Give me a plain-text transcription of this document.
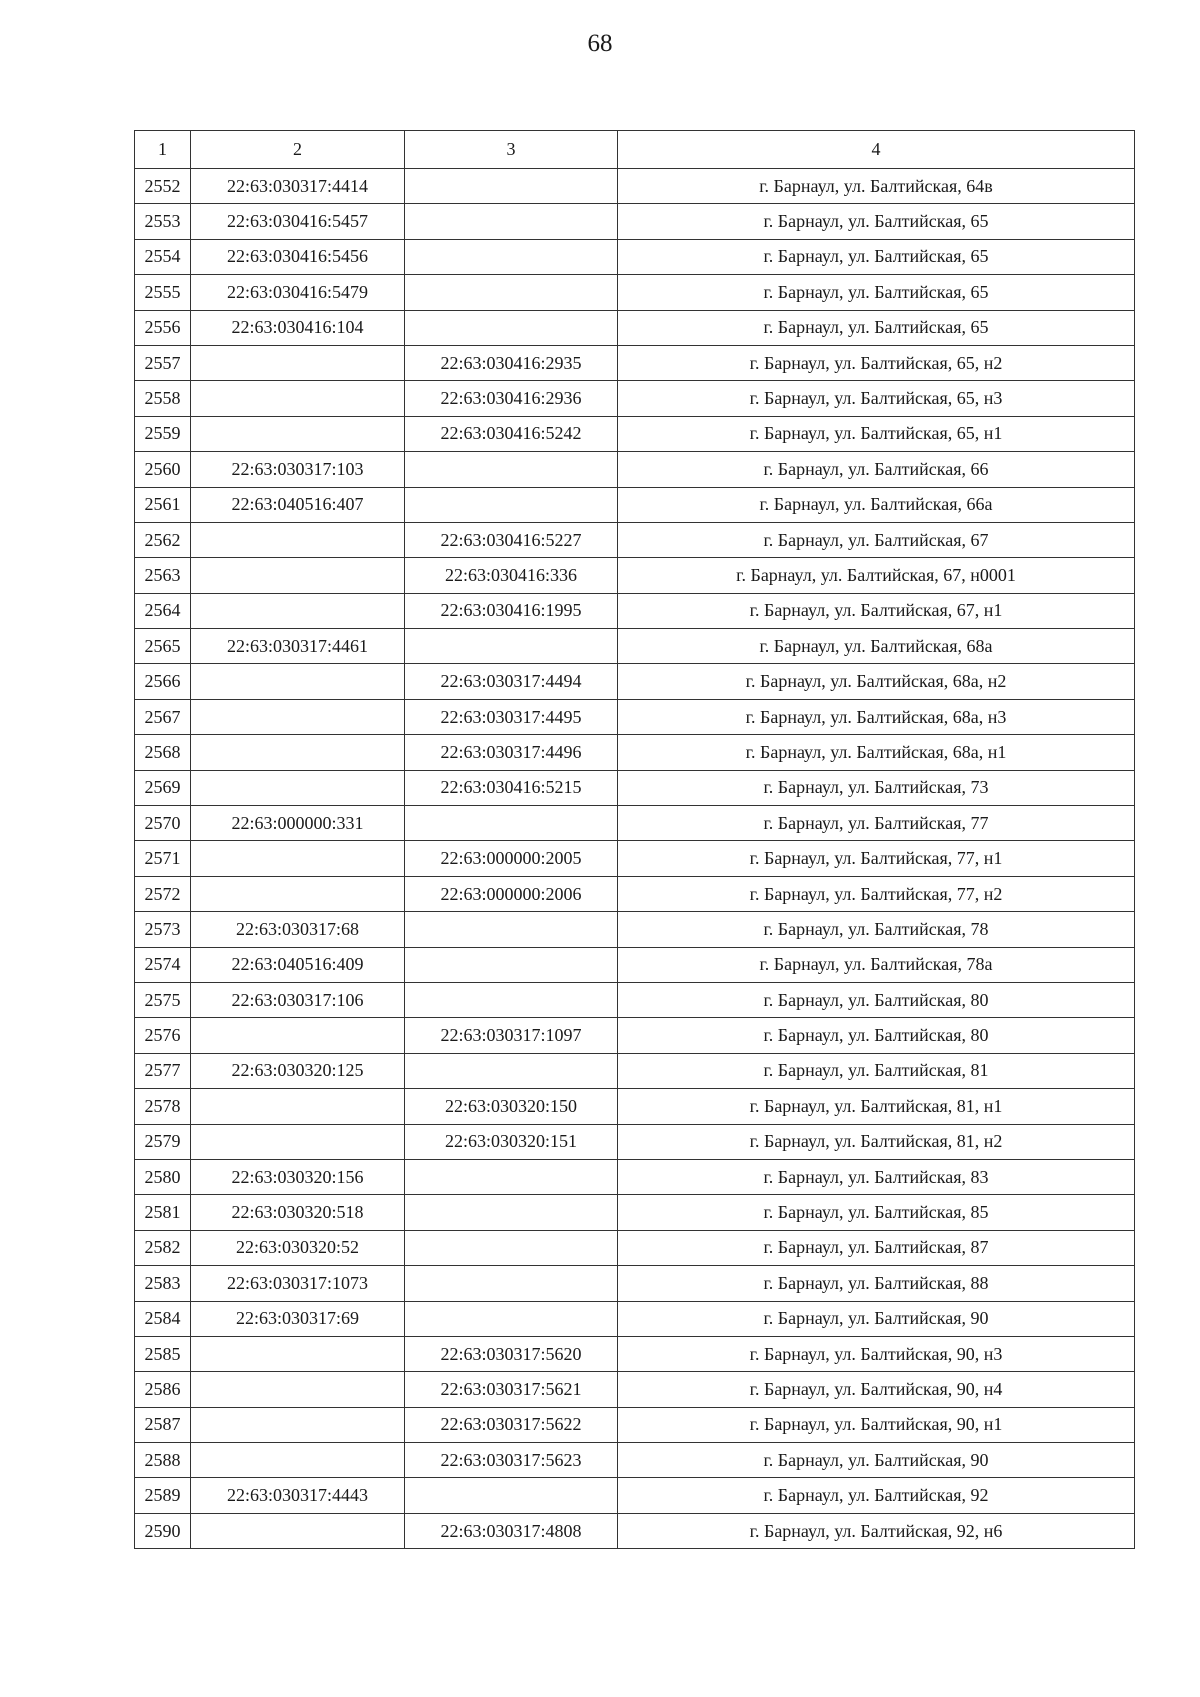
68
1	2	3	4
2552	22:63:030317:4414		г. Барнаул, ул. Балтийская, 64в
2553	22:63:030416:5457		г. Барнаул, ул. Балтийская, 65
2554	22:63:030416:5456		г. Барнаул, ул. Балтийская, 65
2555	22:63:030416:5479		г. Барнаул, ул. Балтийская, 65
2556	22:63:030416:104		г. Барнаул, ул. Балтийская, 65
2557		22:63:030416:2935	г. Барнаул, ул. Балтийская, 65, н2
2558		22:63:030416:2936	г. Барнаул, ул. Балтийская, 65, н3
2559		22:63:030416:5242	г. Барнаул, ул. Балтийская, 65, н1
2560	22:63:030317:103		г. Барнаул, ул. Балтийская, 66
2561	22:63:040516:407		г. Барнаул, ул. Балтийская, 66а
2562		22:63:030416:5227	г. Барнаул, ул. Балтийская, 67
2563		22:63:030416:336	г. Барнаул, ул. Балтийская, 67, н0001
2564		22:63:030416:1995	г. Барнаул, ул. Балтийская, 67, н1
2565	22:63:030317:4461		г. Барнаул, ул. Балтийская, 68а
2566		22:63:030317:4494	г. Барнаул, ул. Балтийская, 68а, н2
2567		22:63:030317:4495	г. Барнаул, ул. Балтийская, 68а, н3
2568		22:63:030317:4496	г. Барнаул, ул. Балтийская, 68а, н1
2569		22:63:030416:5215	г. Барнаул, ул. Балтийская, 73
2570	22:63:000000:331		г. Барнаул, ул. Балтийская, 77
2571		22:63:000000:2005	г. Барнаул, ул. Балтийская, 77, н1
2572		22:63:000000:2006	г. Барнаул, ул. Балтийская, 77, н2
2573	22:63:030317:68		г. Барнаул, ул. Балтийская, 78
2574	22:63:040516:409		г. Барнаул, ул. Балтийская, 78а
2575	22:63:030317:106		г. Барнаул, ул. Балтийская, 80
2576		22:63:030317:1097	г. Барнаул, ул. Балтийская, 80
2577	22:63:030320:125		г. Барнаул, ул. Балтийская, 81
2578		22:63:030320:150	г. Барнаул, ул. Балтийская, 81, н1
2579		22:63:030320:151	г. Барнаул, ул. Балтийская, 81, н2
2580	22:63:030320:156		г. Барнаул, ул. Балтийская, 83
2581	22:63:030320:518		г. Барнаул, ул. Балтийская, 85
2582	22:63:030320:52		г. Барнаул, ул. Балтийская, 87
2583	22:63:030317:1073		г. Барнаул, ул. Балтийская, 88
2584	22:63:030317:69		г. Барнаул, ул. Балтийская, 90
2585		22:63:030317:5620	г. Барнаул, ул. Балтийская, 90, н3
2586		22:63:030317:5621	г. Барнаул, ул. Балтийская, 90, н4
2587		22:63:030317:5622	г. Барнаул, ул. Балтийская, 90, н1
2588		22:63:030317:5623	г. Барнаул, ул. Балтийская, 90
2589	22:63:030317:4443		г. Барнаул, ул. Балтийская, 92
2590		22:63:030317:4808	г. Барнаул, ул. Балтийская, 92, н6
